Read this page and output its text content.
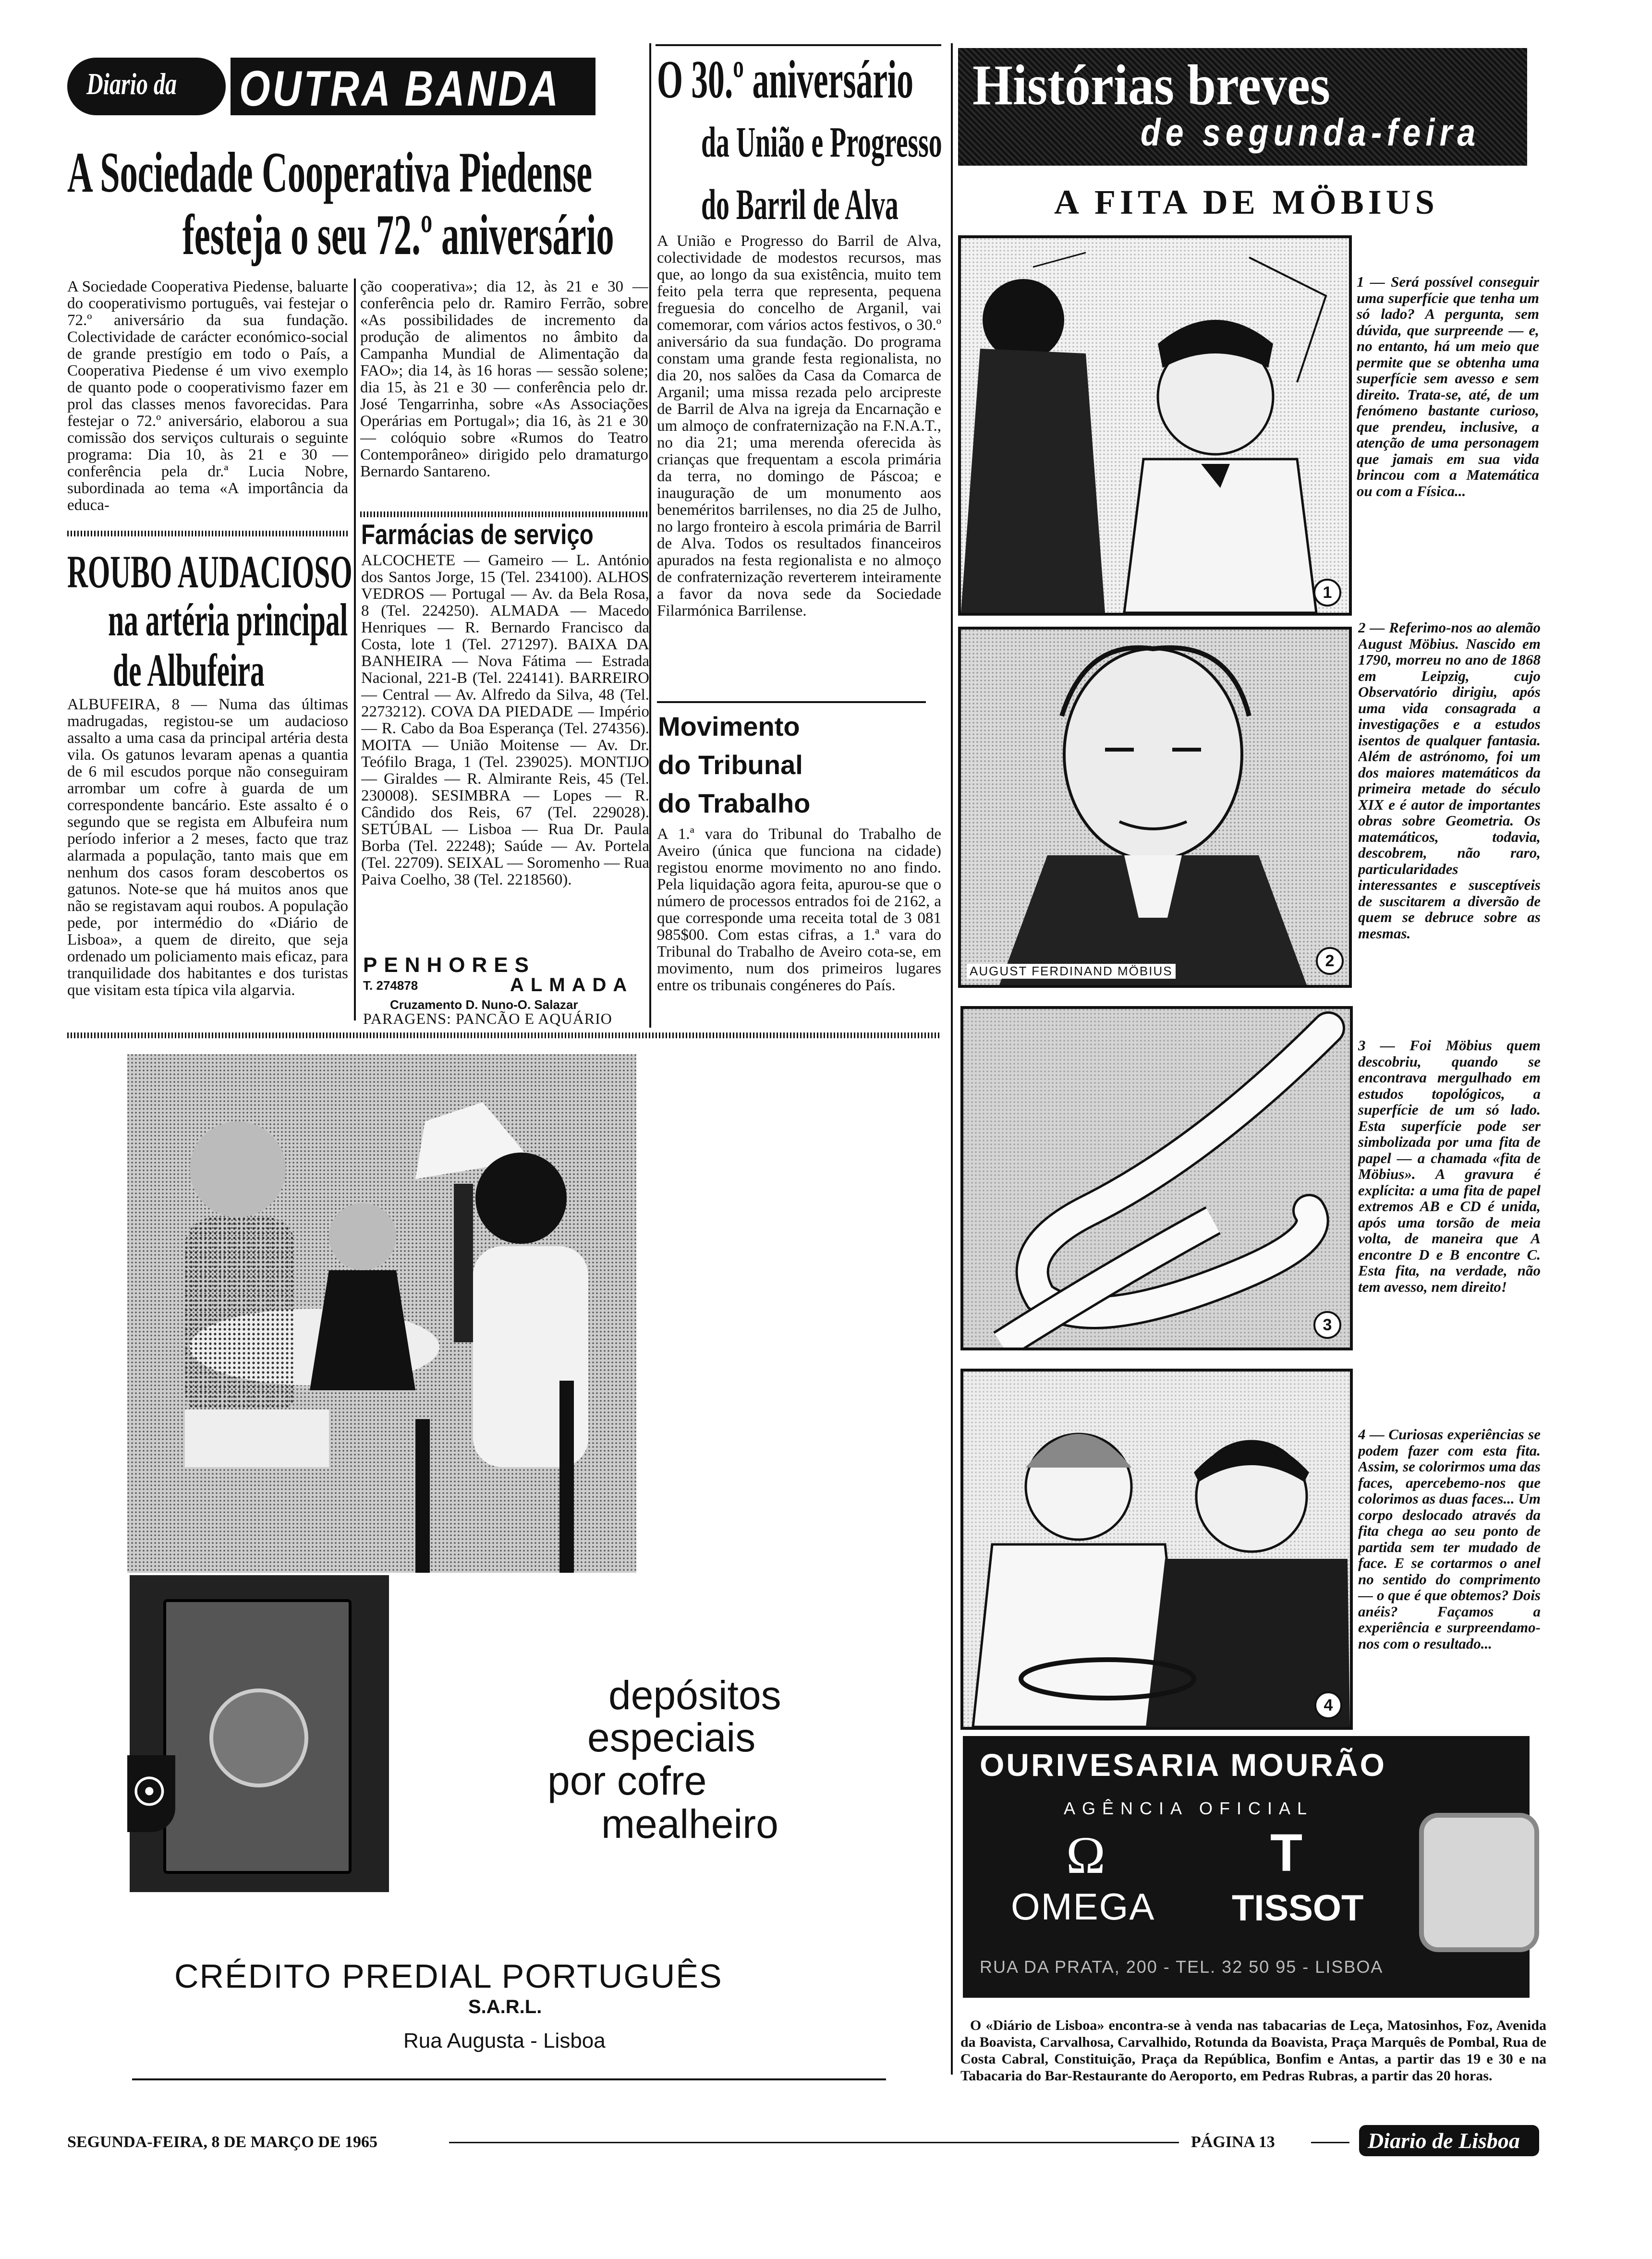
Diario da OUTRA BANDA
A Sociedade Cooperativa Piedense
festeja o seu 72.º aniversário
A Sociedade Cooperativa Piedense, baluarte do cooperativismo português, vai festejar o 72.º aniversário da sua fundação. Colectividade de carácter económico-social de grande prestígio em todo o País, a Cooperativa Piedense é um vivo exemplo de quanto pode o cooperativismo fazer em prol das classes menos favorecidas. Para festejar o 72.º aniversário, elaborou a sua comissão dos serviços culturais o seguinte programa: Dia 10, às 21 e 30 — conferência pela dr.ª Lucia Nobre, subordinada ao tema «A importância da educa-
ção cooperativa»; dia 12, às 21 e 30 — conferência pelo dr. Ramiro Ferrão, sobre «As possibilidades de incremento da produção de alimentos no âmbito da Campanha Mundial de Alimentação da FAO»; dia 14, às 16 horas — sessão solene; dia 15, às 21 e 30 — conferência pelo dr. José Tengarrinha, sobre «As Associações Operárias em Portugal»; dia 16, às 21 e 30 — colóquio sobre «Rumos do Teatro Contemporâneo» dirigido pelo dramaturgo Bernardo Santareno.
ROUBO AUDACIOSO
na artéria principal
de Albufeira
ALBUFEIRA, 8 — Numa das últimas madrugadas, registou-se um audacioso assalto a uma casa da principal artéria desta vila. Os gatunos levaram apenas a quantia de 6 mil escudos porque não conseguiram arrombar um cofre à guarda de um correspondente bancário. Este assalto é o segundo que se regista em Albufeira num período inferior a 2 meses, facto que traz alarmada a população, tanto mais que em nenhum dos casos foram descobertos os gatunos. Note-se que há muitos anos que não se registavam aqui roubos. A população pede, por intermédio do «Diário de Lisboa», a quem de direito, que seja ordenado um policiamento mais eficaz, para tranquilidade dos habitantes e dos turistas que visitam esta típica vila algarvia.
Farmácias de serviço
ALCOCHETE — Gameiro — L. António dos Santos Jorge, 15 (Tel. 234100). ALHOS VEDROS — Portugal — Av. da Bela Rosa, 8 (Tel. 224250). ALMADA — Macedo Henriques — R. Bernardo Francisco da Costa, lote 1 (Tel. 271297). BAIXA DA BANHEIRA — Nova Fátima — Estrada Nacional, 221-B (Tel. 224141). BARREIRO — Central — Av. Alfredo da Silva, 48 (Tel. 2273212). COVA DA PIEDADE — Império — R. Cabo da Boa Esperança (Tel. 274356). MOITA — União Moitense — Av. Dr. Teófilo Braga, 1 (Tel. 239025). MONTIJO — Giraldes — R. Almirante Reis, 45 (Tel. 230008). SESIMBRA — Lopes — R. Cândido dos Reis, 67 (Tel. 229028). SETÚBAL — Lisboa — Rua Dr. Paula Borba (Tel. 22248); Saúde — Av. Portela (Tel. 22709). SEIXAL — Soromenho — Rua Paiva Coelho, 38 (Tel. 2218560).
PENHORES
T. 274878	ALMADA
Cruzamento D. Nuno-O. Salazar
PARAGENS: PANCÃO E AQUÁRIO
O 30.º aniversário
da União e Progresso
do Barril de Alva
A União e Progresso do Barril de Alva, colectividade de modestos recursos, mas que, ao longo da sua existência, muito tem feito pela terra que representa, pequena freguesia do concelho de Arganil, vai comemorar, com vários actos festivos, o 30.º aniversário da sua fundação. Do programa constam uma grande festa regionalista, no dia 20, nos salões da Casa da Comarca de Arganil; uma missa rezada pelo arcipreste de Barril de Alva na igreja da Encarnação e um almoço de confraternização na F.N.A.T., no dia 21; uma merenda oferecida às crianças que frequentam a escola primária da terra, no domingo de Páscoa; e inauguração de um monumento aos beneméritos barrilenses, no dia 25 de Julho, no largo fronteiro à escola primária de Barril de Alva. Todos os resultados financeiros apurados na festa regionalista e no almoço de confraternização reverterem inteiramente a favor da nova sede da Sociedade Filarmónica Barrilense.
Movimento
do Tribunal
do Trabalho
A 1.ª vara do Tribunal do Trabalho de Aveiro (única que funciona na cidade) registou enorme movimento no ano findo. Pela liquidação agora feita, apurou-se que o número de processos entrados foi de 2162, a que corresponde uma receita total de 3 081 985$00. Com estas cifras, a 1.ª vara do Tribunal do Trabalho de Aveiro cota-se, em movimento, num dos primeiros lugares entre os tribunais congéneres do País.
☉
depósitos
especiais
por cofre
mealheiro
CRÉDITO PREDIAL PORTUGUÊS
S.A.R.L.
Rua Augusta - Lisboa
Histórias breves
de segunda-feira
A FITA DE MÖBIUS
1
1 — Será possível conseguir uma superfície que tenha um só lado? A pergunta, sem dúvida, que surpreende — e, no entanto, há um meio que permite que se obtenha uma superfície sem avesso e sem direito. Trata-se, até, de um fenómeno bastante curioso, que prendeu, inclusive, a atenção de uma personagem que jamais em sua vida brincou com a Matemática ou com a Física...
AUGUST FERDINAND MÖBIUS
2
2 — Referimo-nos ao alemão August Möbius. Nascido em 1790, morreu no ano de 1868 em Leipzig, cujo Observatório dirigiu, após uma vida consagrada a investigações e a estudos isentos de qualquer fantasia. Além de astrónomo, foi um dos maiores matemáticos da primeira metade do século XIX e é autor de importantes obras sobre Geometria. Os matemáticos, todavia, descobrem, não raro, particularidades interessantes e susceptíveis de suscitarem a diversão de quem se debruce sobre as mesmas.
3
3 — Foi Möbius quem descobriu, quando se encontrava mergulhado em estudos topológicos, a superfície de um só lado. Esta superfície pode ser simbolizada por uma fita de papel — a chamada «fita de Möbius». A gravura é explícita: a uma fita de papel extremos AB e CD é unida, após uma torsão de meia volta, de maneira que A encontre D e B encontre C. Esta fita, na verdade, não tem avesso, nem direito!
4
4 — Curiosas experiências se podem fazer com esta fita. Assim, se colorirmos uma das faces, apercebemo-nos que colorimos as duas faces... Um corpo deslocado através da fita chega ao seu ponto de partida sem ter mudado de face. E se cortarmos o anel no sentido do comprimento — o que é que obtemos? Dois anéis? Façamos a experiência e surpreendamo-nos com o resultado...
OURIVESARIA MOURÃO
AGÊNCIA OFICIAL
Ω
OMEGA
T
TISSOT
RUA DA PRATA, 200 - TEL. 32 50 95 - LISBOA
O «Diário de Lisboa» encontra-se à venda nas tabacarias de Leça, Matosinhos, Foz, Avenida da Boavista, Carvalhosa, Carvalhido, Rotunda da Boavista, Praça Marquês de Pombal, Rua de Costa Cabral, Constituição, Praça da República, Bonfim e Antas, a partir das 19 e 30 e na Tabacaria do Bar-Restaurante do Aeroporto, em Pedras Rubras, a partir das 20 horas.
SEGUNDA-FEIRA, 8 DE MARÇO DE 1965	PÁGINA 13	Diario de Lisboa
